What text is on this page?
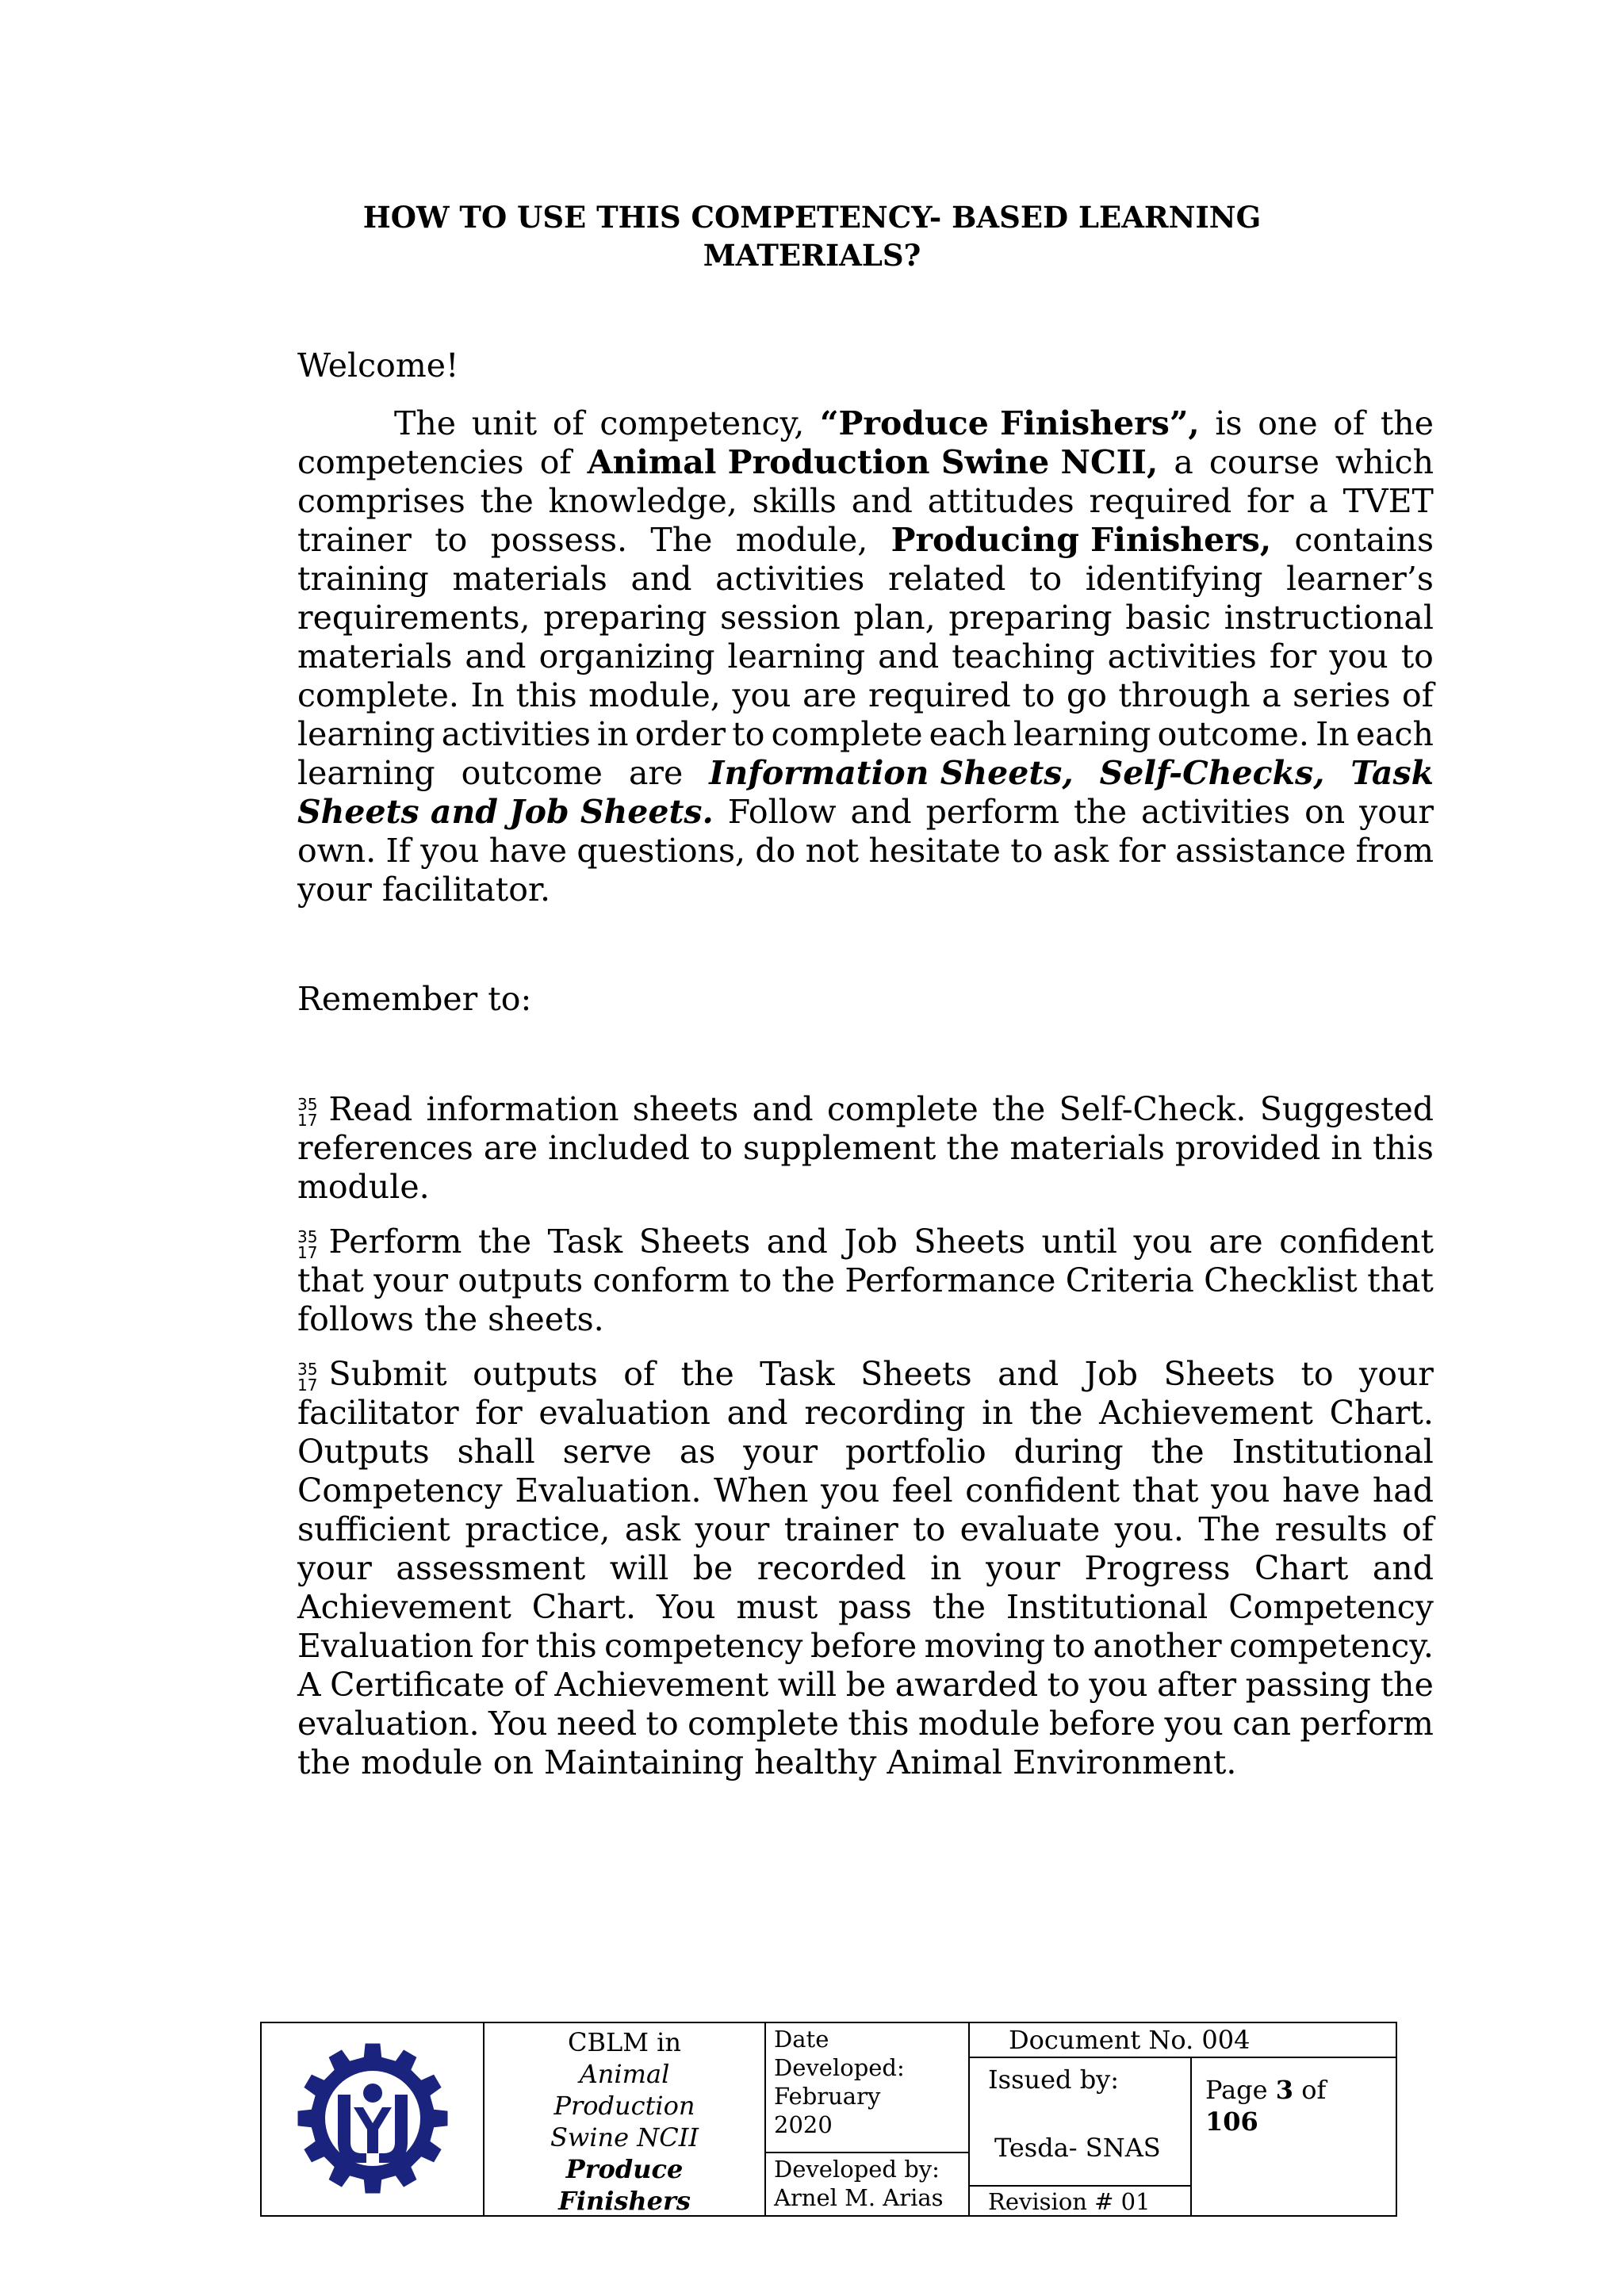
HOW TO USE THIS COMPETENCY- BASED LEARNING
MATERIALS?
Welcome!
The unit of competency, “Produce Finishers”, is one of the
competencies of Animal Production Swine NCII, a course which
comprises the knowledge, skills and attitudes required for a TVET
trainer to possess. The module, Producing Finishers, contains
training materials and activities related to identifying learner’s
requirements, preparing session plan, preparing basic instructional
materials and organizing learning and teaching activities for you to
complete. In this module, you are required to go through a series of
learning activities in order to complete each learning outcome. In each
learning outcome are Information Sheets, Self-Checks, Task
Sheets and Job Sheets. Follow and perform the activities on your
own. If you have questions, do not hesitate to ask for assistance from
your facilitator.
Remember to:
35
17 Read information sheets and complete the Self-Check. Suggested
references are included to supplement the materials provided in this
module.
35
17 Perform the Task Sheets and Job Sheets until you are confident
that your outputs conform to the Performance Criteria Checklist that
follows the sheets.
35
17 Submit outputs of the Task Sheets and Job Sheets to your
facilitator for evaluation and recording in the Achievement Chart.
Outputs shall serve as your portfolio during the Institutional
Competency Evaluation. When you feel confident that you have had
sufficient practice, ask your trainer to evaluate you. The results of
your assessment will be recorded in your Progress Chart and
Achievement Chart. You must pass the Institutional Competency
Evaluation for this competency before moving to another competency.
A Certificate of Achievement will be awarded to you after passing the
evaluation. You need to complete this module before you can perform
the module on Maintaining healthy Animal Environment.
CBLM in
Animal
Production
Swine NCII
Produce
Finishers
Date
Developed:
February
2020
Developed by:
Arnel M. Arias
Document No. 004
Issued by:
Tesda- SNAS
Revision # 01
Page 3 of
106
